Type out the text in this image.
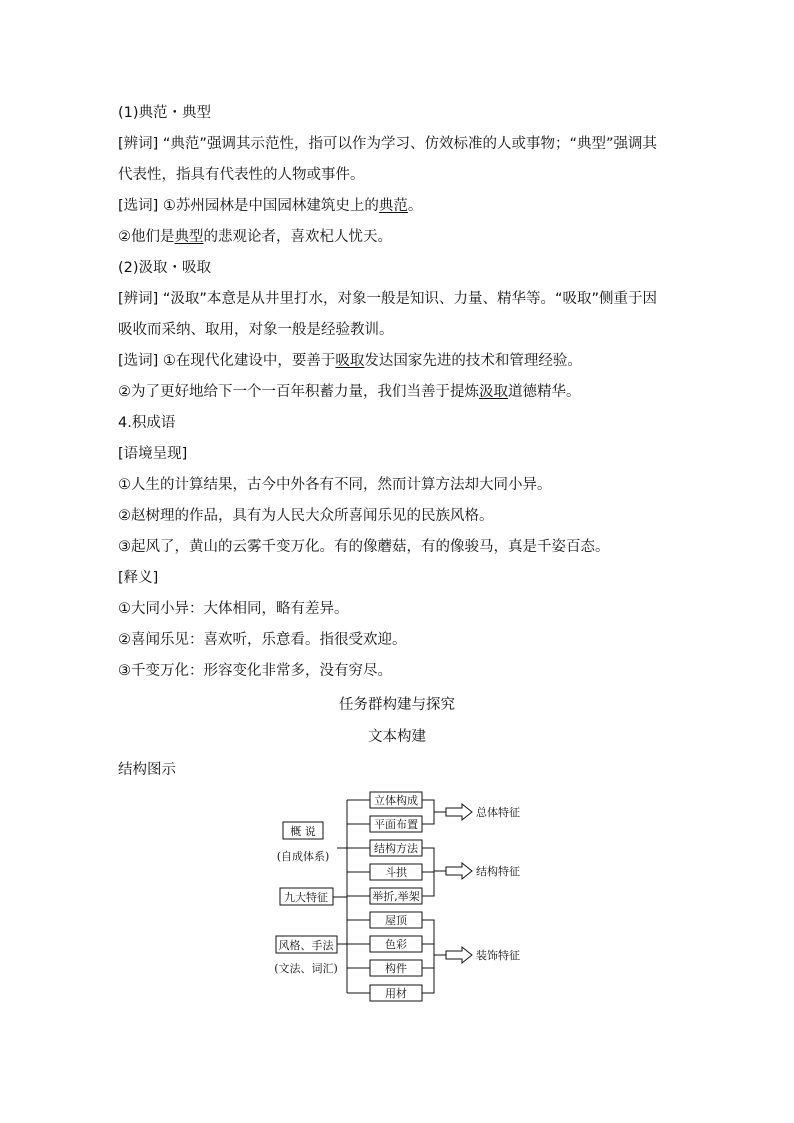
(1)典范・典型
[辨词] “典范”强调其示范性，指可以作为学习、仿效标准的人或事物；“典型”强调其
代表性，指具有代表性的人物或事件。
[选词] ①苏州园林是中国园林建筑史上的典范。
②他们是典型的悲观论者，喜欢杞人忧天。
(2)汲取・吸取
[辨词] “汲取”本意是从井里打水，对象一般是知识、力量、精华等。“吸取”侧重于因
吸收而采纳、取用，对象一般是经验教训。
[选词] ①在现代化建设中，要善于吸取发达国家先进的技术和管理经验。
②为了更好地给下一个一百年积蓄力量，我们当善于提炼汲取道德精华。
4.积成语
[语境呈现]
①人生的计算结果，古今中外各有不同，然而计算方法却大同小异。
②赵树理的作品，具有为人民大众所喜闻乐见的民族风格。
③起风了，黄山的云雾千变万化。有的像蘑菇，有的像骏马，真是千姿百态。
[释义]
①大同小异：大体相同，略有差异。
②喜闻乐见：喜欢听，乐意看。指很受欢迎。
③千变万化：形容变化非常多，没有穷尽。
任务群构建与探究
文本构建
结构图示
概 说
(自成体系)
九大特征
风格、手法
(文法、词汇)
立体构成
平面布置
结构方法
斗拱
举折,举架
屋顶
色彩
构件
用材
总体特征
结构特征
装饰特征
